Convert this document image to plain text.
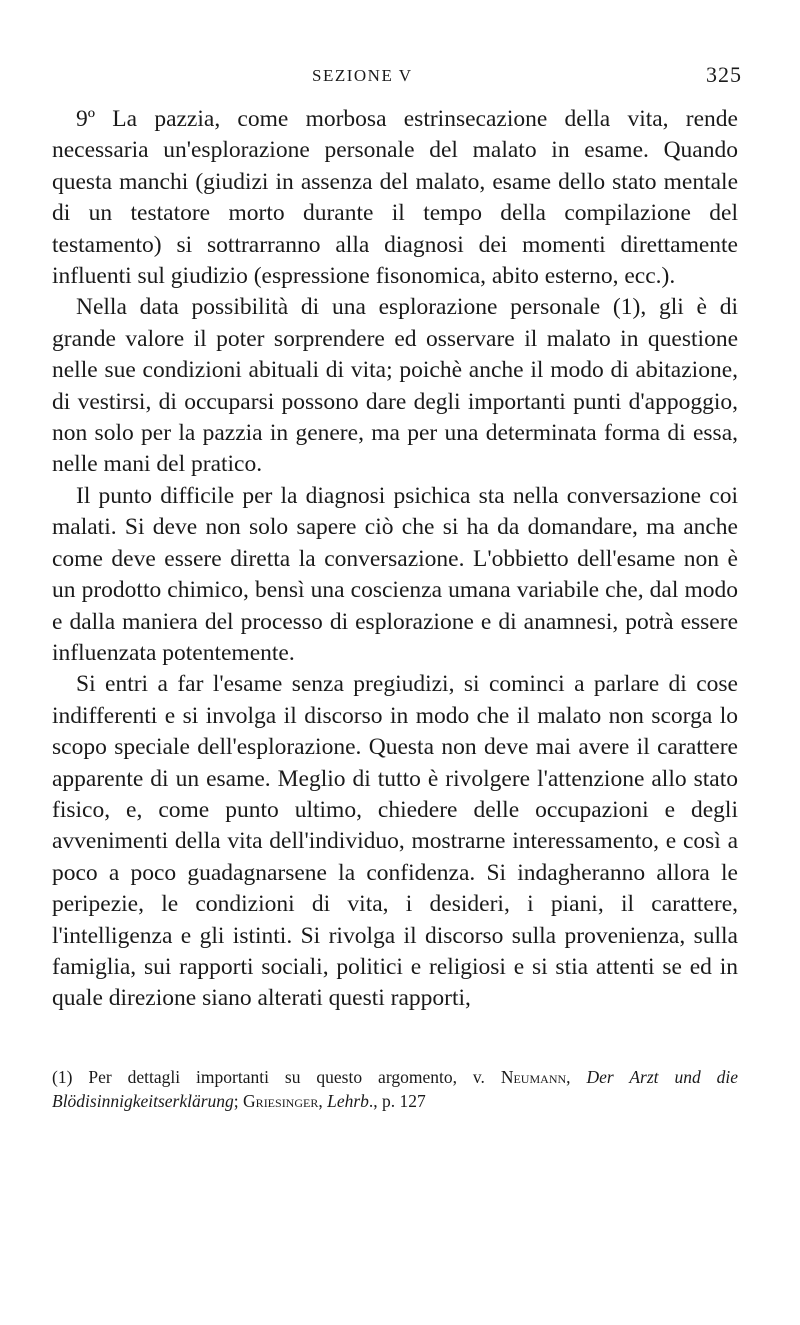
SEZIONE V	325

9º La pazzia, come morbosa estrinsecazione della vita, rende necessaria un'esplorazione personale del malato in esame. Quando questa manchi (giudizi in assenza del malato, esame dello stato mentale di un testatore morto durante il tempo della compilazione del testamento) si sottrarranno alla diagnosi dei momenti direttamente influenti sul giudizio (espressione fisonomica, abito esterno, ecc.).

Nella data possibilità di una esplorazione personale (1), gli è di grande valore il poter sorprendere ed osservare il malato in questione nelle sue condizioni abituali di vita; poichè anche il modo di abitazione, di vestirsi, di occuparsi possono dare degli importanti punti d'appoggio, non solo per la pazzia in genere, ma per una determinata forma di essa, nelle mani del pratico.

Il punto difficile per la diagnosi psichica sta nella conversazione coi malati. Si deve non solo sapere ciò che si ha da domandare, ma anche come deve essere diretta la conversazione. L'obbietto dell'esame non è un prodotto chimico, bensì una coscienza umana variabile che, dal modo e dalla maniera del processo di esplorazione e di anamnesi, potrà essere influenzata potentemente.

Si entri a far l'esame senza pregiudizi, si cominci a parlare di cose indifferenti e si involga il discorso in modo che il malato non scorga lo scopo speciale dell'esplorazione. Questa non deve mai avere il carattere apparente di un esame. Meglio di tutto è rivolgere l'attenzione allo stato fisico, e, come punto ultimo, chiedere delle occupazioni e degli avvenimenti della vita dell'individuo, mostrarne interessamento, e così a poco a poco guadagnarsene la confidenza. Si indagheranno allora le peripezie, le condizioni di vita, i desideri, i piani, il carattere, l'intelligenza e gli istinti. Si rivolga il discorso sulla provenienza, sulla famiglia, sui rapporti sociali, politici e religiosi e si stia attenti se ed in quale direzione siano alterati questi rapporti,

(1) Per dettagli importanti su questo argomento, v. Neumann, Der Arzt und die Blödisinnigkeitserklärung; Griesinger, Lehrb., p. 127
